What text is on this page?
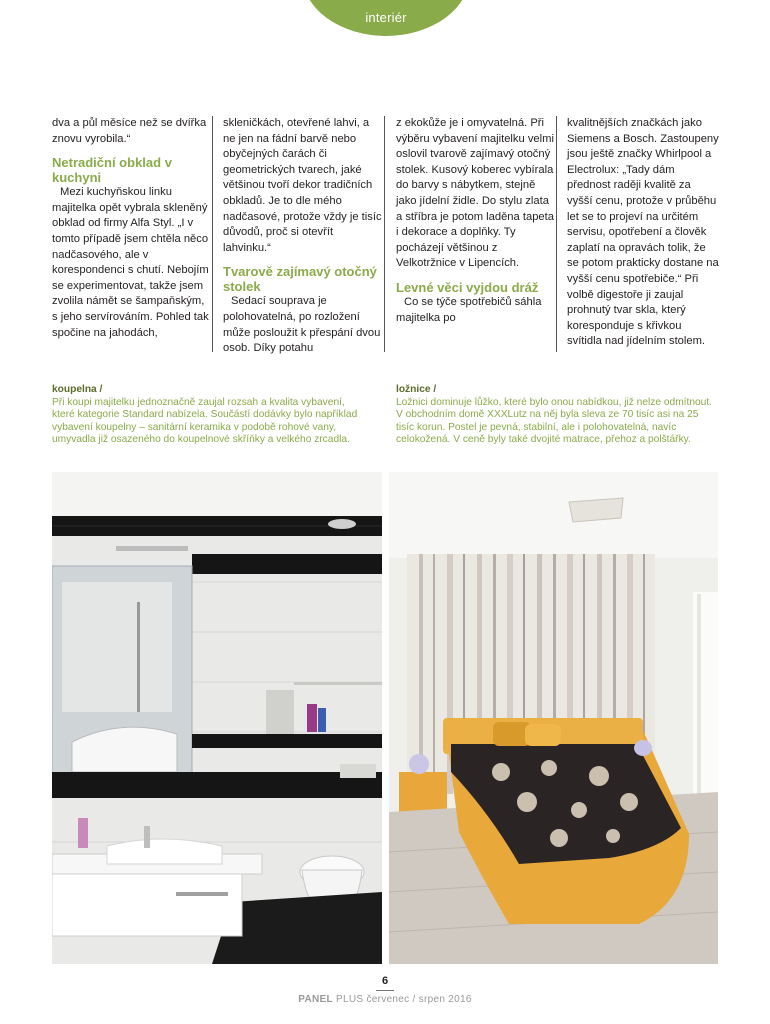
interiér

dva a půl měsíce než se dvířka znovu vyrobila.“

Netradiční obklad v kuchyni

Mezi kuchyňskou linku majitelka opět vybrala skleněný obklad od firmy Alfa Styl. „I v tomto případě jsem chtěla něco nadčasového, ale v korespondenci s chutí. Nebojím se experimentovat, takže jsem zvolila námět se šampaňským, s jeho servírováním. Pohled tak spočine na jahodách,

skleničkách, otevřené lahvi, a ne jen na fádní barvě nebo obyčejných čarách či geometrických tvarech, jaké většinou tvoří dekor tradičních obkladů. Je to dle mého nadčasové, protože vždy je tisíc důvodů, proč si otevřít lahvinku.“

Tvarově zajímavý otočný stolek

Sedací souprava je polohovatelná, po rozložení může posloužit k přespání dvou osob. Díky potahu

z ekokůže je i omyvatelná. Při výběru vybavení majitelku velmi oslovil tvarově zajímavý otočný stolek. Kusový koberec vybírala do barvy s nábytkem, stejně jako jídelní židle. Do stylu zlata a stříbra je potom laděna tapeta i dekorace a doplňky. Ty pocházejí většinou z Velkotržnice v Lipencích.

Levné věci vyjdou dráž

Co se týče spotřebičů sáhla majitelka po

kvalitnějších značkách jako Siemens a Bosch. Zastoupeny jsou ještě značky Whirlpool a Electrolux: „Tady dám přednost raději kvalitě za vyšší cenu, protože v průběhu let se to projeví na určitém servisu, opotřebení a člověk zaplatí na opravách tolik, že se potom prakticky dostane na vyšší cenu spotřebiče.“ Při volbě digestoře ji zaujal prohnutý tvar skla, který koresponduje s křivkou svítidla nad jídelním stolem.

koupelna /
Při koupi majitelku jednoznačně zaujal rozsah a kvalita vybavení, které kategorie Standard nabízela. Součástí dodávky bylo například vybavení koupelny – sanitární keramika v podobě rohové vany, umyvadla již osazeného do koupelnové skříňky a velkého zrcadla.
ložnice /
Ložnici dominuje lůžko, které bylo onou nabídkou, již nelze odmítnout. V obchodním domě XXXLutz na něj byla sleva ze 70 tisíc asi na 25 tisíc korun. Postel je pevná, stabilní, ale i polohovatelná, navíc celokožená. V ceně byly také dvojité matrace, přehoz a polštářky.
6
PANEL PLUS červenec / srpen 2016
